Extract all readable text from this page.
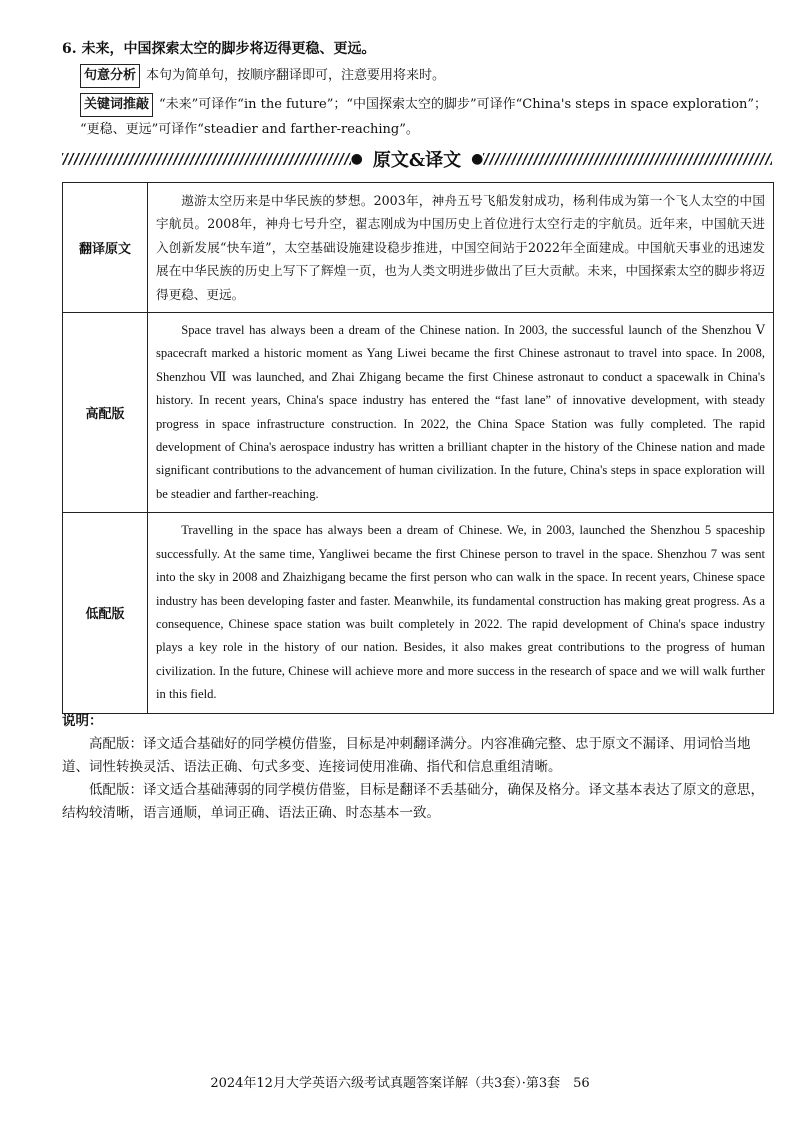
6. 未来，中国探索太空的脚步将迈得更稳、更远。
句意分析 本句为简单句，按顺序翻译即可，注意要用将来时。
关键词推敲 “未来”可译作“in the future”；“中国探索太空的脚步”可译作“China's steps in space exploration”；
“更稳、更远”可译作“steadier and farther-reaching”。
● 原文&译文 ●
翻译原文	遨游太空历来是中华民族的梦想。2003年，神舟五号飞船发射成功，杨利伟成为第一个飞人太空的中国宇航员。2008年，神舟七号升空，翟志刚成为中国历史上首位进行太空行走的宇航员。近年来，中国航天进入创新发展“快车道”，太空基础设施建设稳步推进，中国空间站于2022年全面建成。中国航天事业的迅速发展在中华民族的历史上写下了辉煌一页，也为人类文明进步做出了巨大贡献。未来，中国探索太空的脚步将迈得更稳、更远。
高配版	Space travel has always been a dream of the Chinese nation. In 2003, the successful launch of the Shenzhou Ⅴ spacecraft marked a historic moment as Yang Liwei became the first Chinese astronaut to travel into space. In 2008, Shenzhou Ⅶ was launched, and Zhai Zhigang became the first Chinese astronaut to conduct a spacewalk in China's history. In recent years, China's space industry has entered the “fast lane” of innovative development, with steady progress in space infrastructure construction. In 2022, the China Space Station was fully completed. The rapid development of China's aerospace industry has written a brilliant chapter in the history of the Chinese nation and made significant contributions to the advancement of human civilization. In the future, China's steps in space exploration will be steadier and farther-reaching.
低配版	Travelling in the space has always been a dream of Chinese. We, in 2003, launched the Shenzhou 5 spaceship successfully. At the same time, Yangliwei became the first Chinese person to travel in the space. Shenzhou 7 was sent into the sky in 2008 and Zhaizhigang became the first person who can walk in the space. In recent years, Chinese space industry has been developing faster and faster. Meanwhile, its fundamental construction has making great progress. As a consequence, Chinese space station was built completely in 2022. The rapid development of China's space industry plays a key role in the history of our nation. Besides, it also makes great contributions to the progress of human civilization. In the future, Chinese will achieve more and more success in the research of space and we will walk further in this field.
说明：

高配版：译文适合基础好的同学模仿借鉴，目标是冲刺翻译满分。内容准确完整、忠于原文不漏译、用词恰当地道、词性转换灵活、语法正确、句式多变、连接词使用准确、指代和信息重组清晰。

低配版：译文适合基础薄弱的同学模仿借鉴，目标是翻译不丢基础分，确保及格分。译文基本表达了原文的意思，结构较清晰，语言通顺，单词正确、语法正确、时态基本一致。

2024年12月大学英语六级考试真题答案详解（共3套）·第3套　56
